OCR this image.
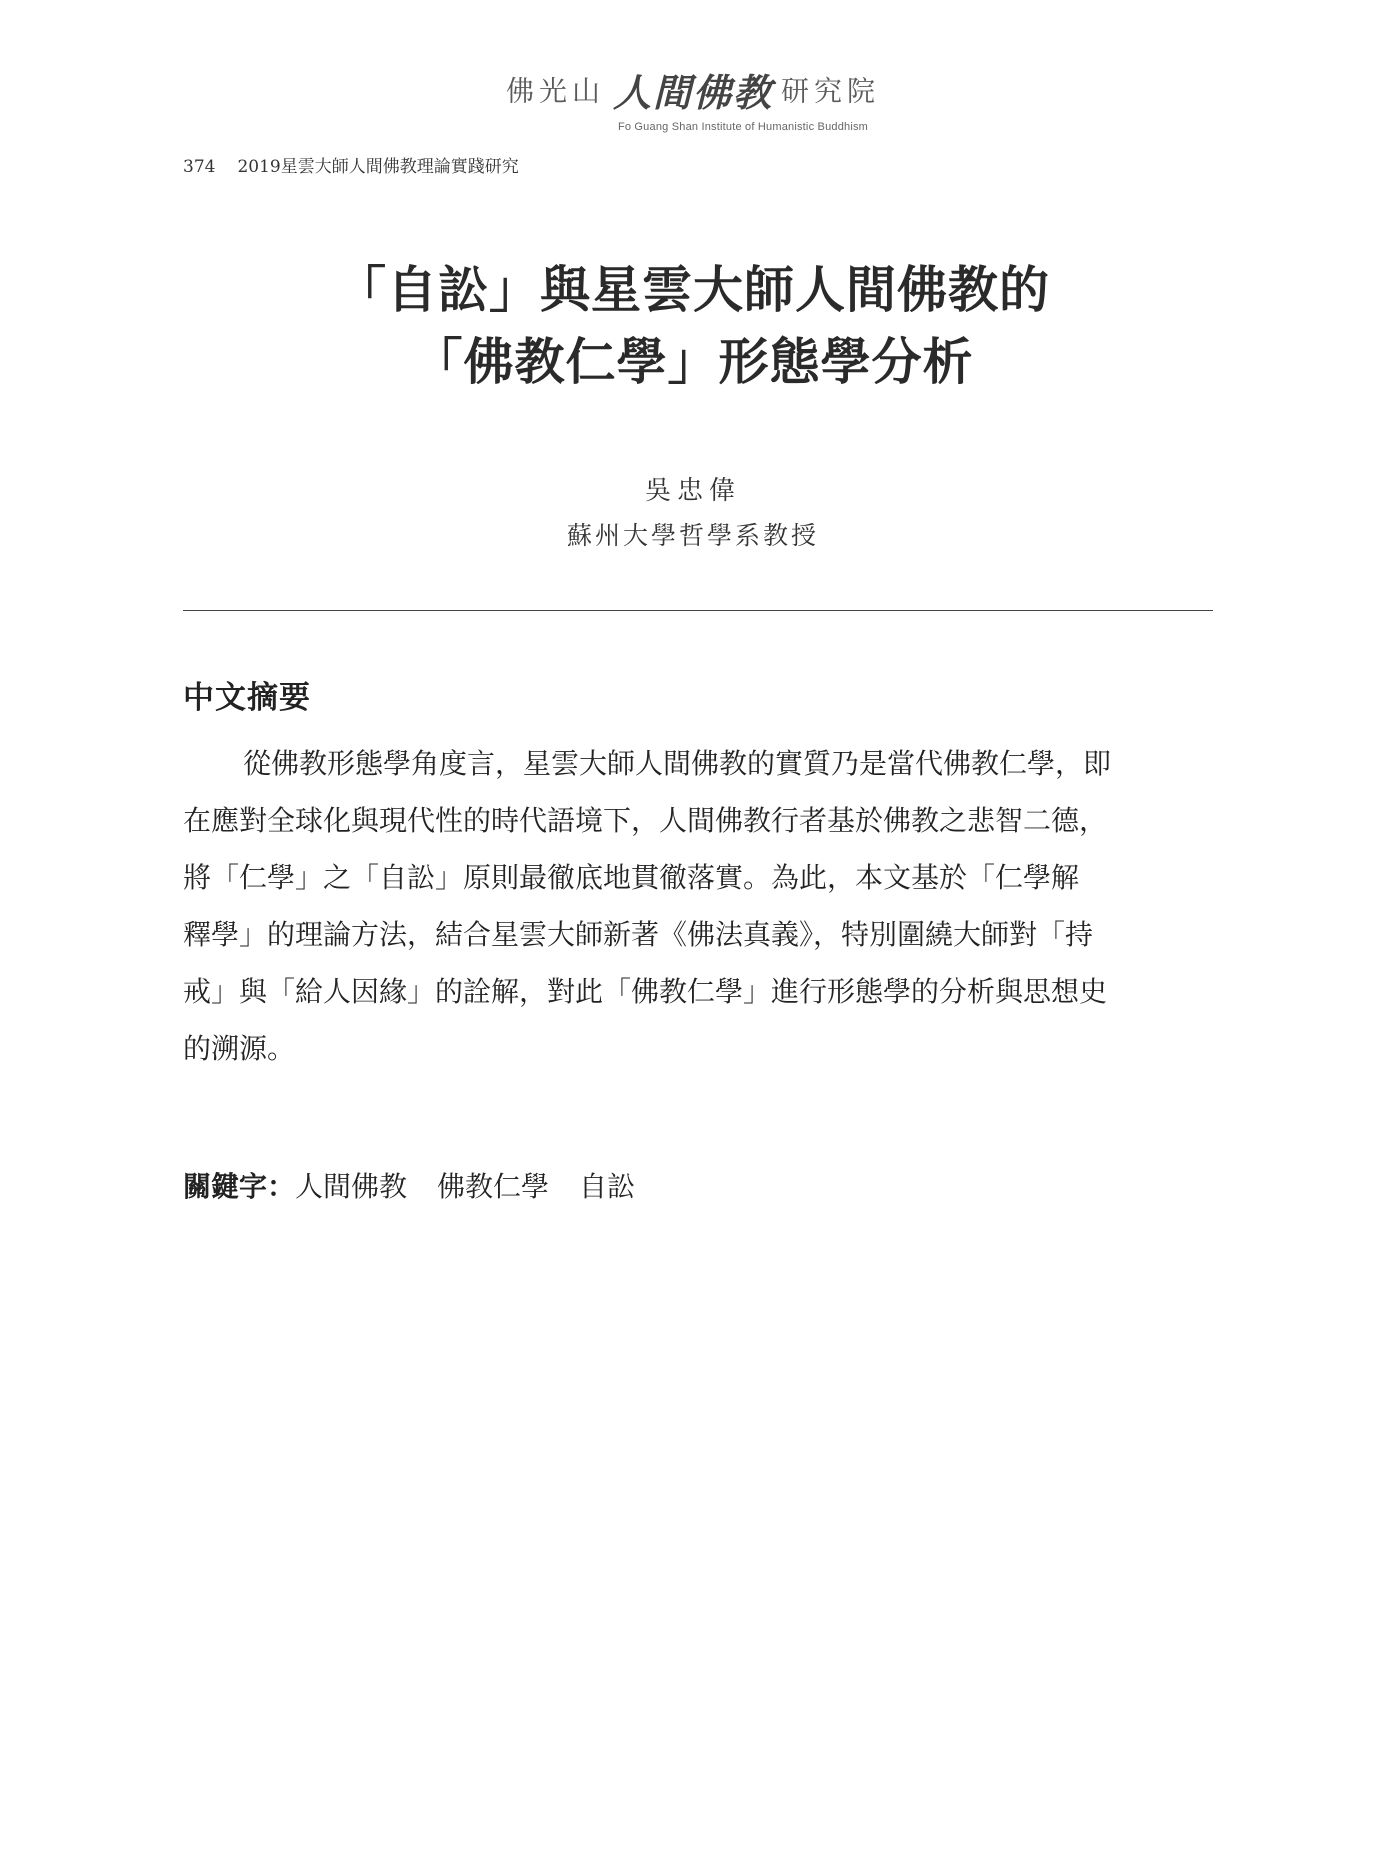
佛光山 人間佛教 研究院
Fo Guang Shan Institute of Humanistic Buddhism
374 2019星雲大師人間佛教理論實踐研究
「自訟」與星雲大師人間佛教的
「佛教仁學」形態學分析
吳忠偉
蘇州大學哲學系教授
中文摘要
從佛教形態學角度言，星雲大師人間佛教的實質乃是當代佛教仁學，即
在應對全球化與現代性的時代語境下，人間佛教行者基於佛教之悲智二德，
將「仁學」之「自訟」原則最徹底地貫徹落實。為此，本文基於「仁學解
釋學」的理論方法，結合星雲大師新著《佛法真義》，特別圍繞大師對「持
戒」與「給人因緣」的詮解，對此「佛教仁學」進行形態學的分析與思想史
的溯源。
關鍵字：人間佛教 佛教仁學 自訟
